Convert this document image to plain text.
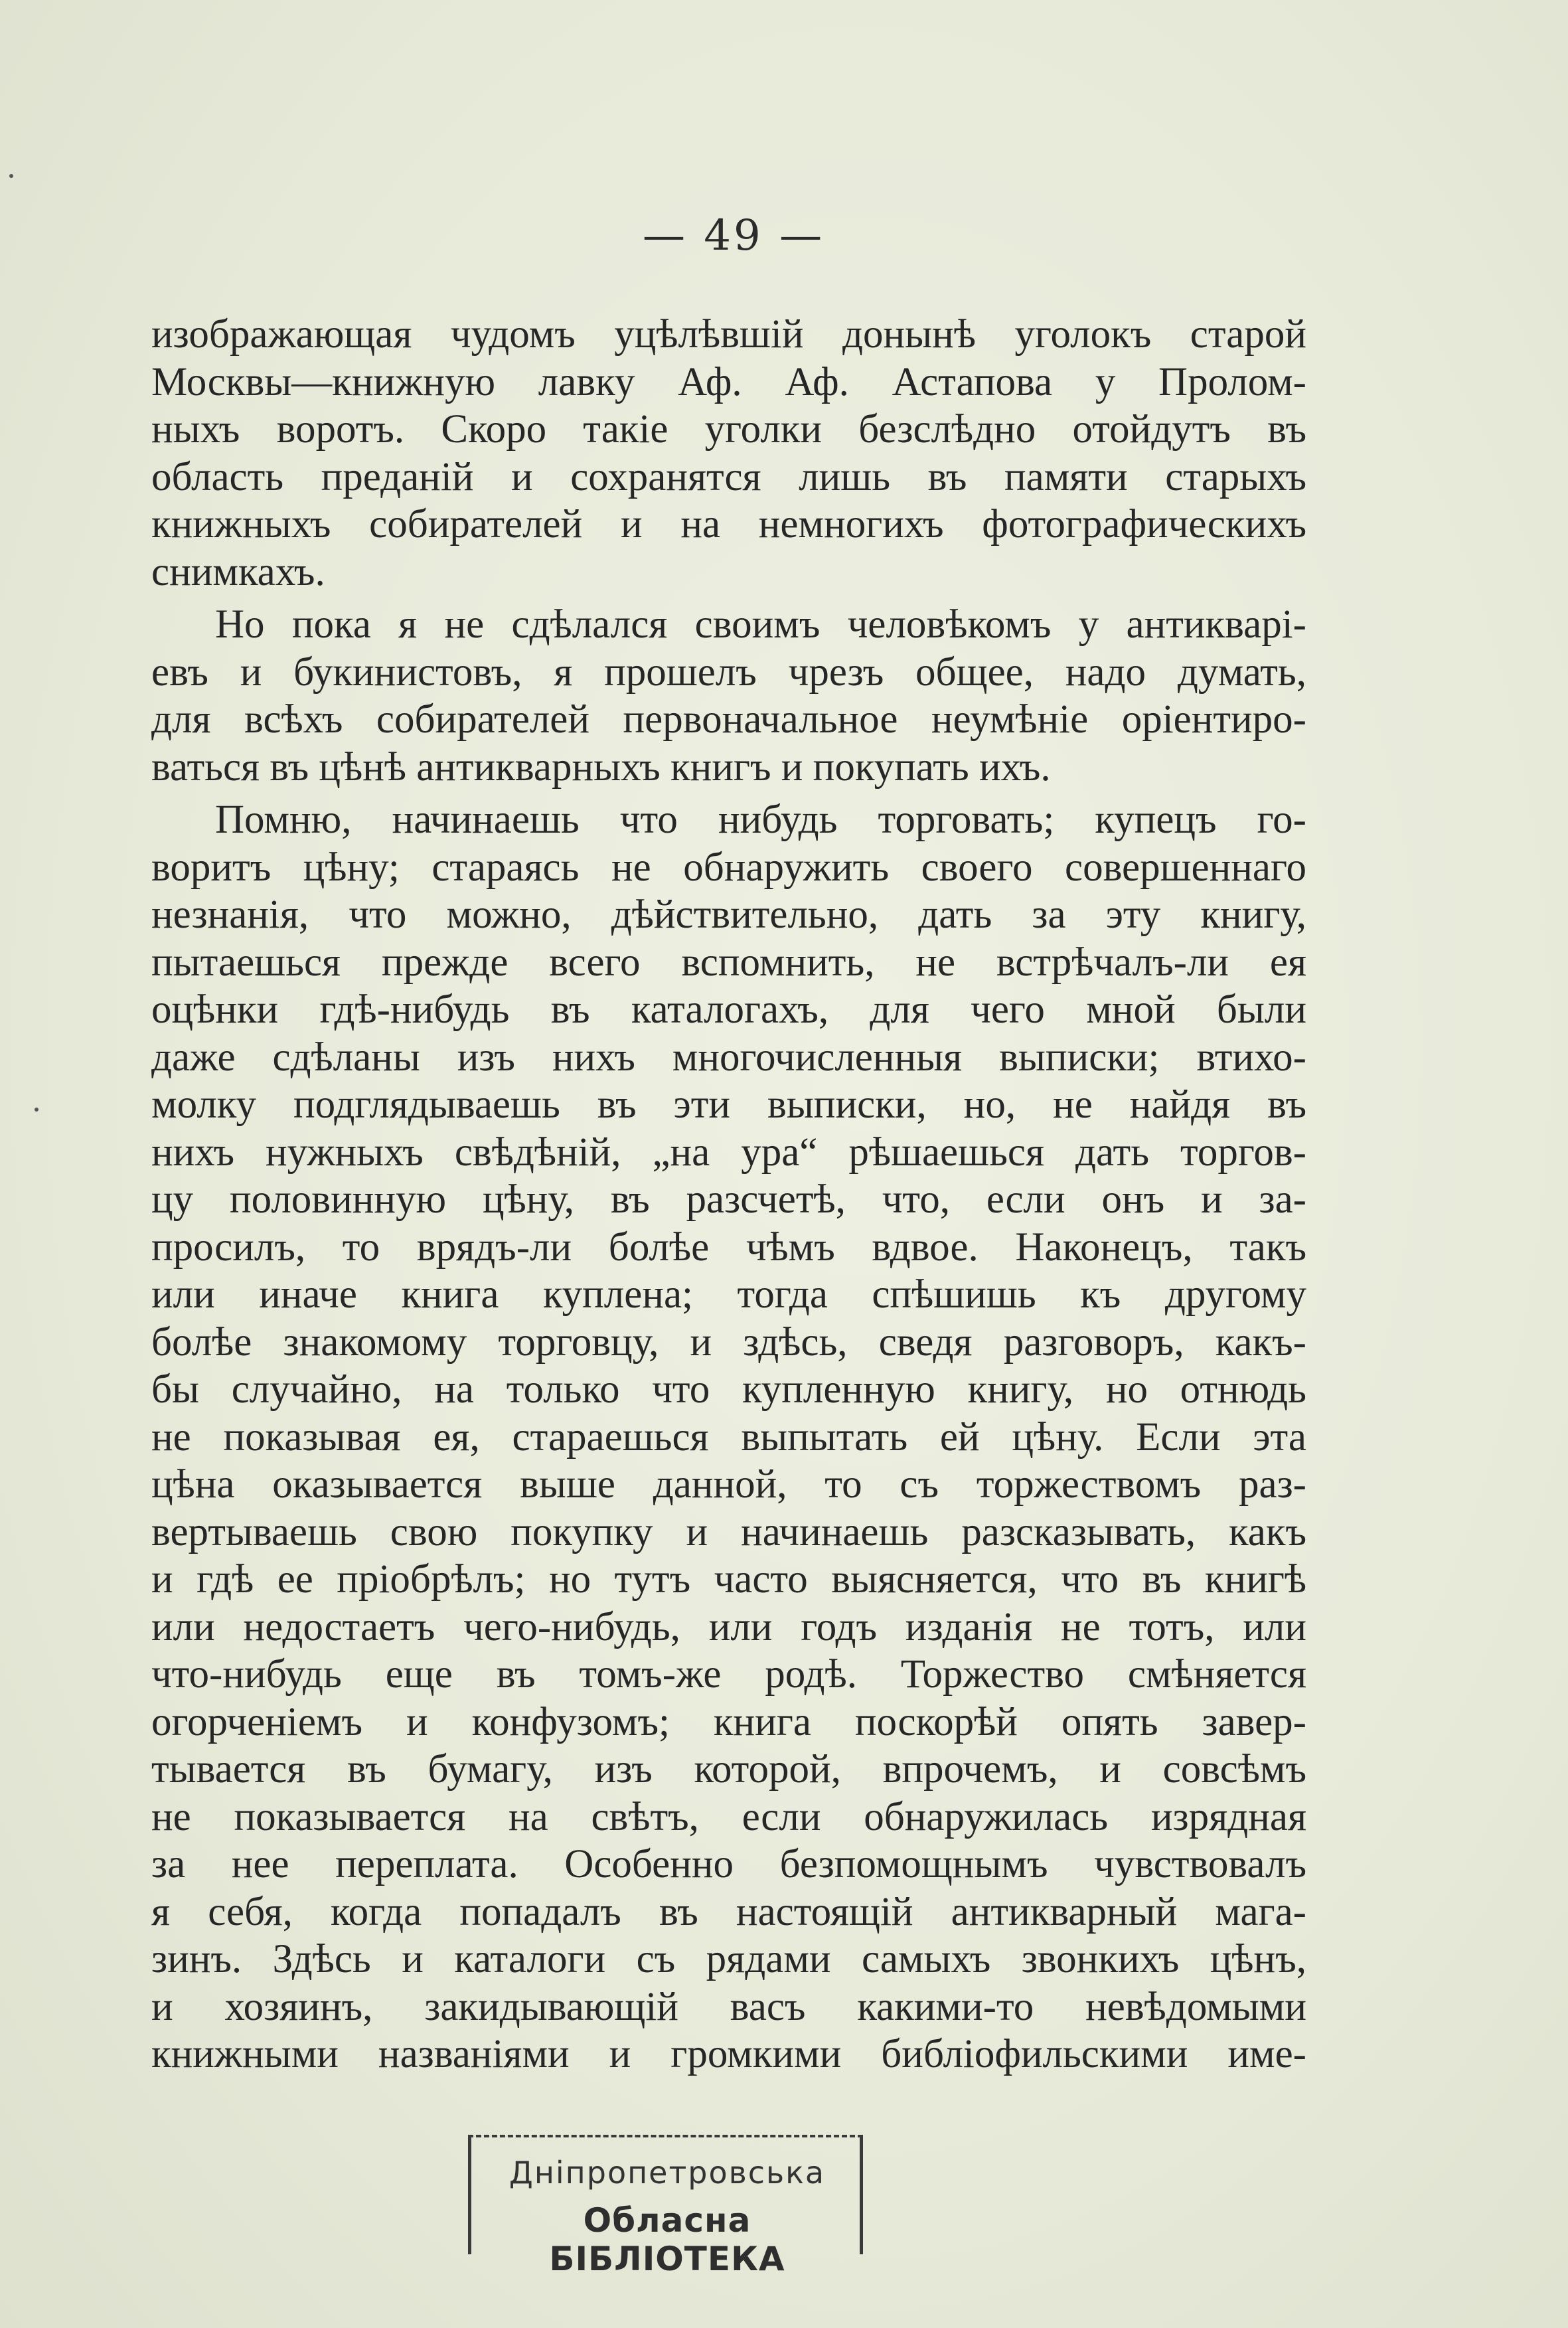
— 49 —
изображающая чудомъ уцѣлѣвшій донынѣ уголокъ старой
Москвы—книжную лавку Аф. Аф. Астапова у Пролом-
ныхъ воротъ. Скоро такіе уголки безслѣдно отойдутъ въ
область преданій и сохранятся лишь въ памяти старыхъ
книжныхъ собирателей и на немногихъ фотографическихъ
снимкахъ.
Но пока я не сдѣлался своимъ человѣкомъ у антикварі-
евъ и букинистовъ, я прошелъ чрезъ общее, надо думать,
для всѣхъ собирателей первоначальное неумѣніе оріентиро-
ваться въ цѣнѣ антикварныхъ книгъ и покупать ихъ.
Помню, начинаешь что нибудь торговать; купецъ го-
воритъ цѣну; стараясь не обнаружить своего совершеннаго
незнанія, что можно, дѣйствительно, дать за эту книгу,
пытаешься прежде всего вспомнить, не встрѣчалъ-ли ея
оцѣнки гдѣ-нибудь въ каталогахъ, для чего мной были
даже сдѣланы изъ нихъ многочисленныя выписки; втихо-
молку подглядываешь въ эти выписки, но, не найдя въ
нихъ нужныхъ свѣдѣній, „на ура“ рѣшаешься дать торгов-
цу половинную цѣну, въ разсчетѣ, что, если онъ и за-
просилъ, то врядъ-ли болѣе чѣмъ вдвое. Наконецъ, такъ
или иначе книга куплена; тогда спѣшишь къ другому
болѣе знакомому торговцу, и здѣсь, сведя разговоръ, какъ-
бы случайно, на только что купленную книгу, но отнюдь
не показывая ея, стараешься выпытать ей цѣну. Если эта
цѣна оказывается выше данной, то съ торжествомъ раз-
вертываешь свою покупку и начинаешь разсказывать, какъ
и гдѣ ее пріобрѣлъ; но тутъ часто выясняется, что въ книгѣ
или недостаетъ чего-нибудь, или годъ изданія не тотъ, или
что-нибудь еще въ томъ-же родѣ. Торжество смѣняется
огорченіемъ и конфузомъ; книга поскорѣй опять завер-
тывается въ бумагу, изъ которой, впрочемъ, и совсѣмъ
не показывается на свѣтъ, если обнаружилась изрядная
за нее переплата. Особенно безпомощнымъ чувствовалъ
я себя, когда попадалъ въ настоящій антикварный мага-
зинъ. Здѣсь и каталоги съ рядами самыхъ звонкихъ цѣнъ,
и хозяинъ, закидывающій васъ какими-то невѣдомыми
книжными названіями и громкими библіофильскими име-
Дніпропетровська
Обласна БІБЛІОТЕКА
